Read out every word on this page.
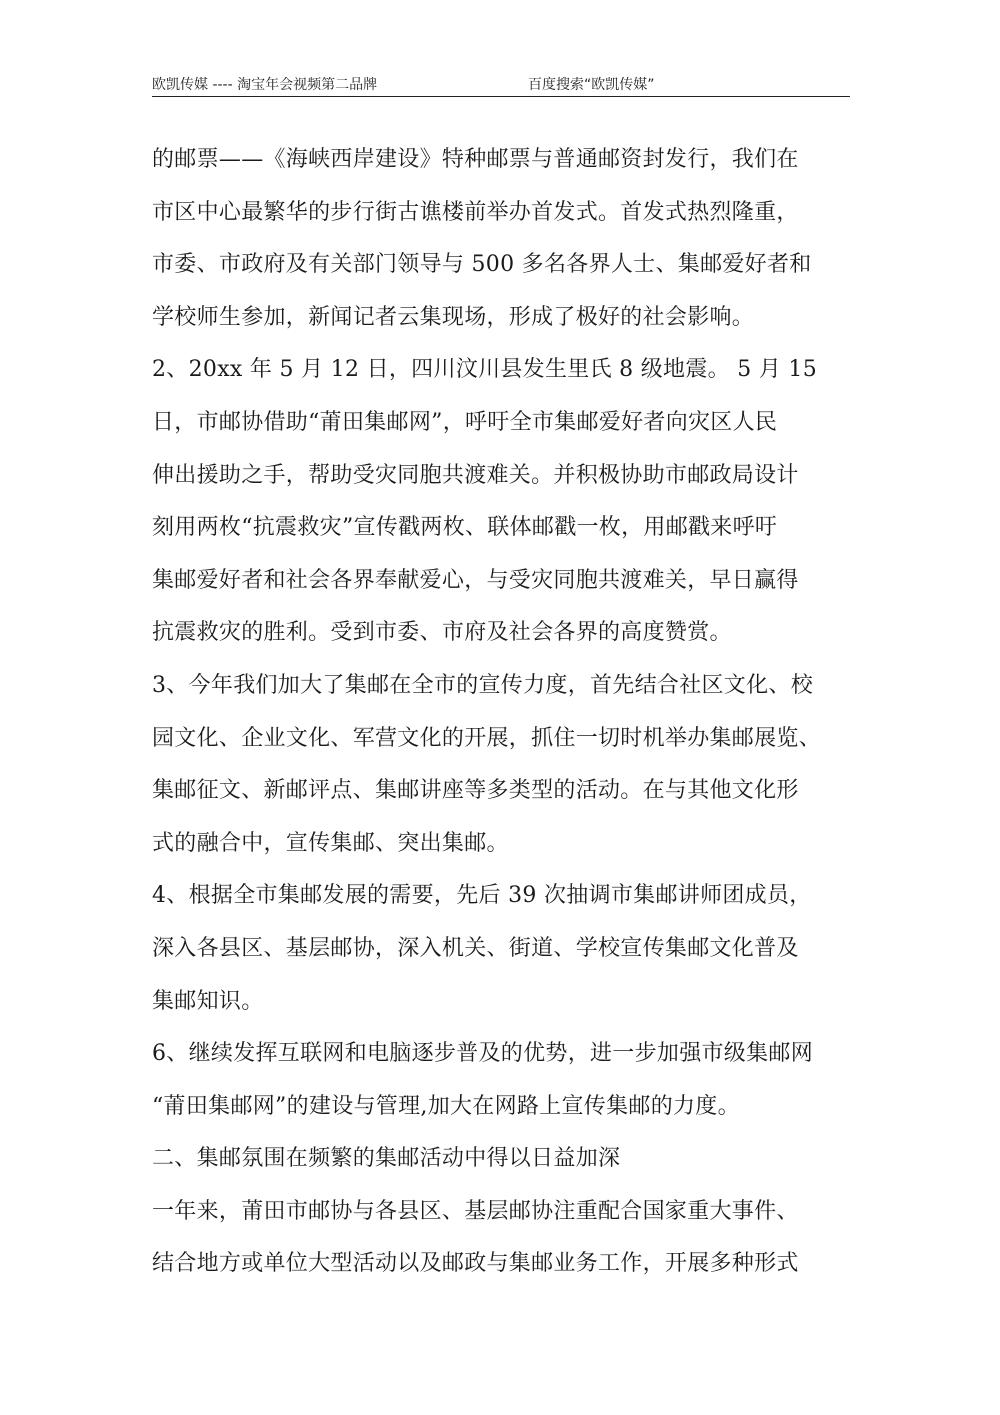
欧凯传媒 ---- 淘宝年会视频第二品牌	百度搜索“欧凯传媒”
的邮票——《海峡西岸建设》特种邮票与普通邮资封发行，我们在
市区中心最繁华的步行街古谯楼前举办首发式。首发式热烈隆重，
市委、市政府及有关部门领导与 500 多名各界人士、集邮爱好者和
学校师生参加，新闻记者云集现场，形成了极好的社会影响。
2、20xx 年 5 月 12 日，四川汶川县发生里氏 8 级地震。 5 月 15
日，市邮协借助“莆田集邮网”，呼吁全市集邮爱好者向灾区人民
伸出援助之手，帮助受灾同胞共渡难关。并积极协助市邮政局设计
刻用两枚“抗震救灾”宣传戳两枚、联体邮戳一枚，用邮戳来呼吁
集邮爱好者和社会各界奉献爱心，与受灾同胞共渡难关，早日赢得
抗震救灾的胜利。受到市委、市府及社会各界的高度赞赏。
3、今年我们加大了集邮在全市的宣传力度，首先结合社区文化、校
园文化、企业文化、军营文化的开展，抓住一切时机举办集邮展览、
集邮征文、新邮评点、集邮讲座等多类型的活动。在与其他文化形
式的融合中，宣传集邮、突出集邮。
4、根据全市集邮发展的需要，先后 39 次抽调市集邮讲师团成员，
深入各县区、基层邮协，深入机关、街道、学校宣传集邮文化普及
集邮知识。
6、继续发挥互联网和电脑逐步普及的优势，进一步加强市级集邮网
“莆田集邮网”的建设与管理,加大在网路上宣传集邮的力度。
二、集邮氛围在频繁的集邮活动中得以日益加深
一年来，莆田市邮协与各县区、基层邮协注重配合国家重大事件、
结合地方或单位大型活动以及邮政与集邮业务工作，开展多种形式
